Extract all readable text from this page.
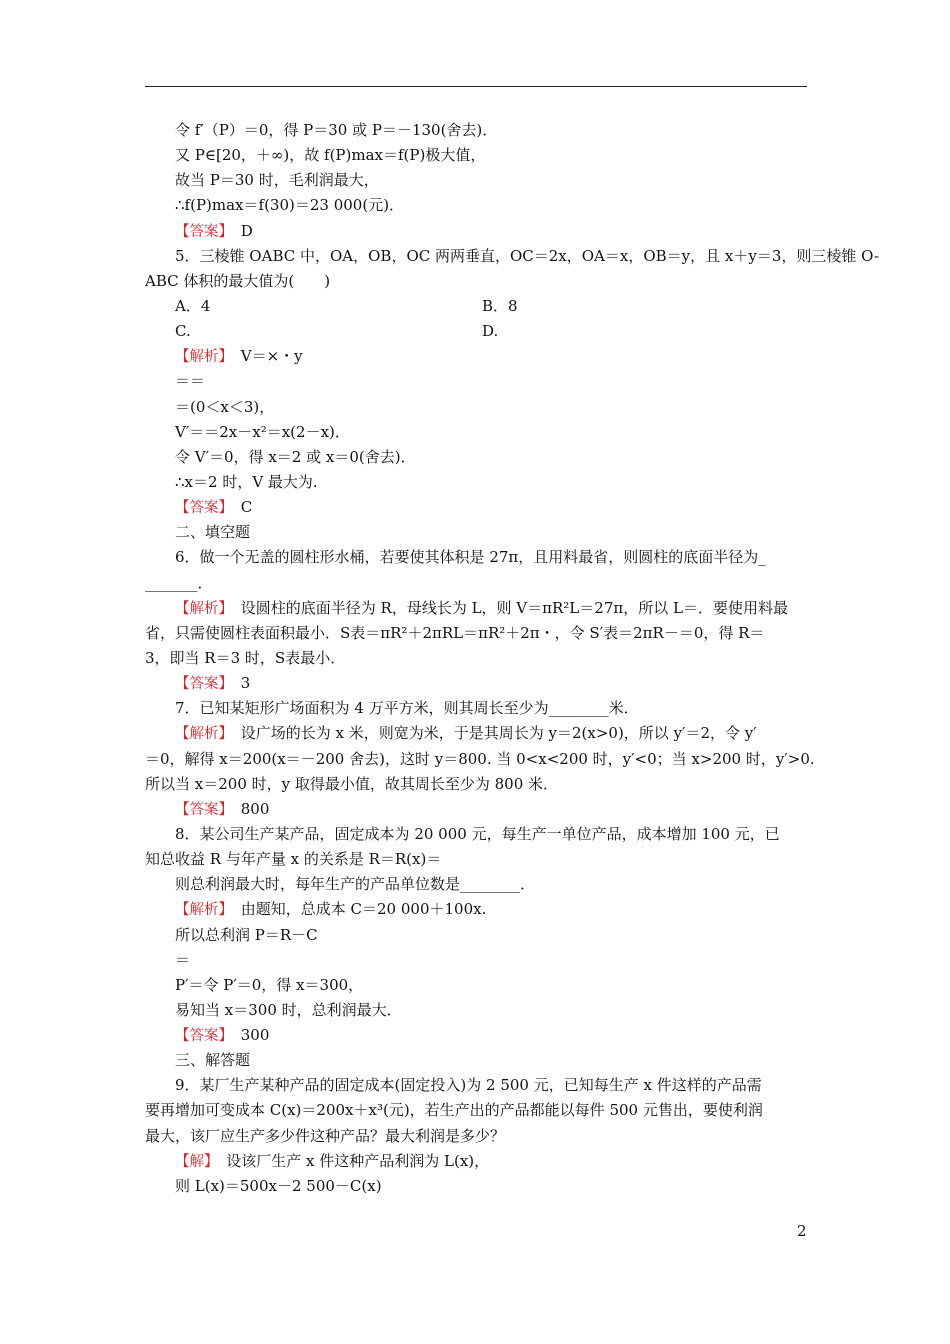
令 f′（P）＝0，得 P＝30 或 P＝－130(舍去)．
又 P∈[20，＋∞)，故 f(P)max＝f(P)极大值，
故当 P＝30 时，毛利润最大，
∴f(P)max＝f(30)＝23 000(元)．
【答案】　D
5．三棱锥 OABC 中，OA，OB，OC 两两垂直，OC＝2x，OA＝x，OB＝y，且 x＋y＝3，则三棱锥 O-
ABC 体积的最大值为(　　)
A．4	B．8
C.	D.
【解析】　V＝×・y
＝＝
＝(0＜x＜3)，
V′＝＝2x－x²＝x(2－x)．
令 V′＝0，得 x＝2 或 x＝0(舍去)．
∴x＝2 时，V 最大为.
【答案】　C
二、填空题
6．做一个无盖的圆柱形水桶，若要使其体积是 27π，且用料最省，则圆柱的底面半径为_
_______．
【解析】　设圆柱的底面半径为 R，母线长为 L，则 V＝πR²L＝27π，所以 L＝．要使用料最
省，只需使圆柱表面积最小．S表＝πR²＋2πRL＝πR²＋2π・，令 S′表＝2πR－＝0，得 R＝
3，即当 R＝3 时，S表最小．
【答案】　3
7．已知某矩形广场面积为 4 万平方米，则其周长至少为________米．
【解析】　设广场的长为 x 米，则宽为米，于是其周长为 y＝2(x>0)，所以 y′＝2，令 y′
＝0，解得 x＝200(x＝－200 舍去)，这时 y＝800. 当 0<x<200 时，y′<0；当 x>200 时，y′>0.
所以当 x＝200 时，y 取得最小值，故其周长至少为 800 米．
【答案】　800
8．某公司生产某产品，固定成本为 20 000 元，每生产一单位产品，成本增加 100 元，已
知总收益 R 与年产量 x 的关系是 R＝R(x)＝
则总利润最大时，每年生产的产品单位数是________．
【解析】　由题知，总成本 C＝20 000＋100x.
所以总利润 P＝R－C
＝
P′＝令 P′＝0，得 x＝300，
易知当 x＝300 时，总利润最大．
【答案】　300
三、解答题
9．某厂生产某种产品的固定成本(固定投入)为 2 500 元，已知每生产 x 件这样的产品需
要再增加可变成本 C(x)＝200x＋x³(元)，若生产出的产品都能以每件 500 元售出，要使利润
最大，该厂应生产多少件这种产品？最大利润是多少？
【解】　设该厂生产 x 件这种产品利润为 L(x)，
则 L(x)＝500x－2 500－C(x)
2
